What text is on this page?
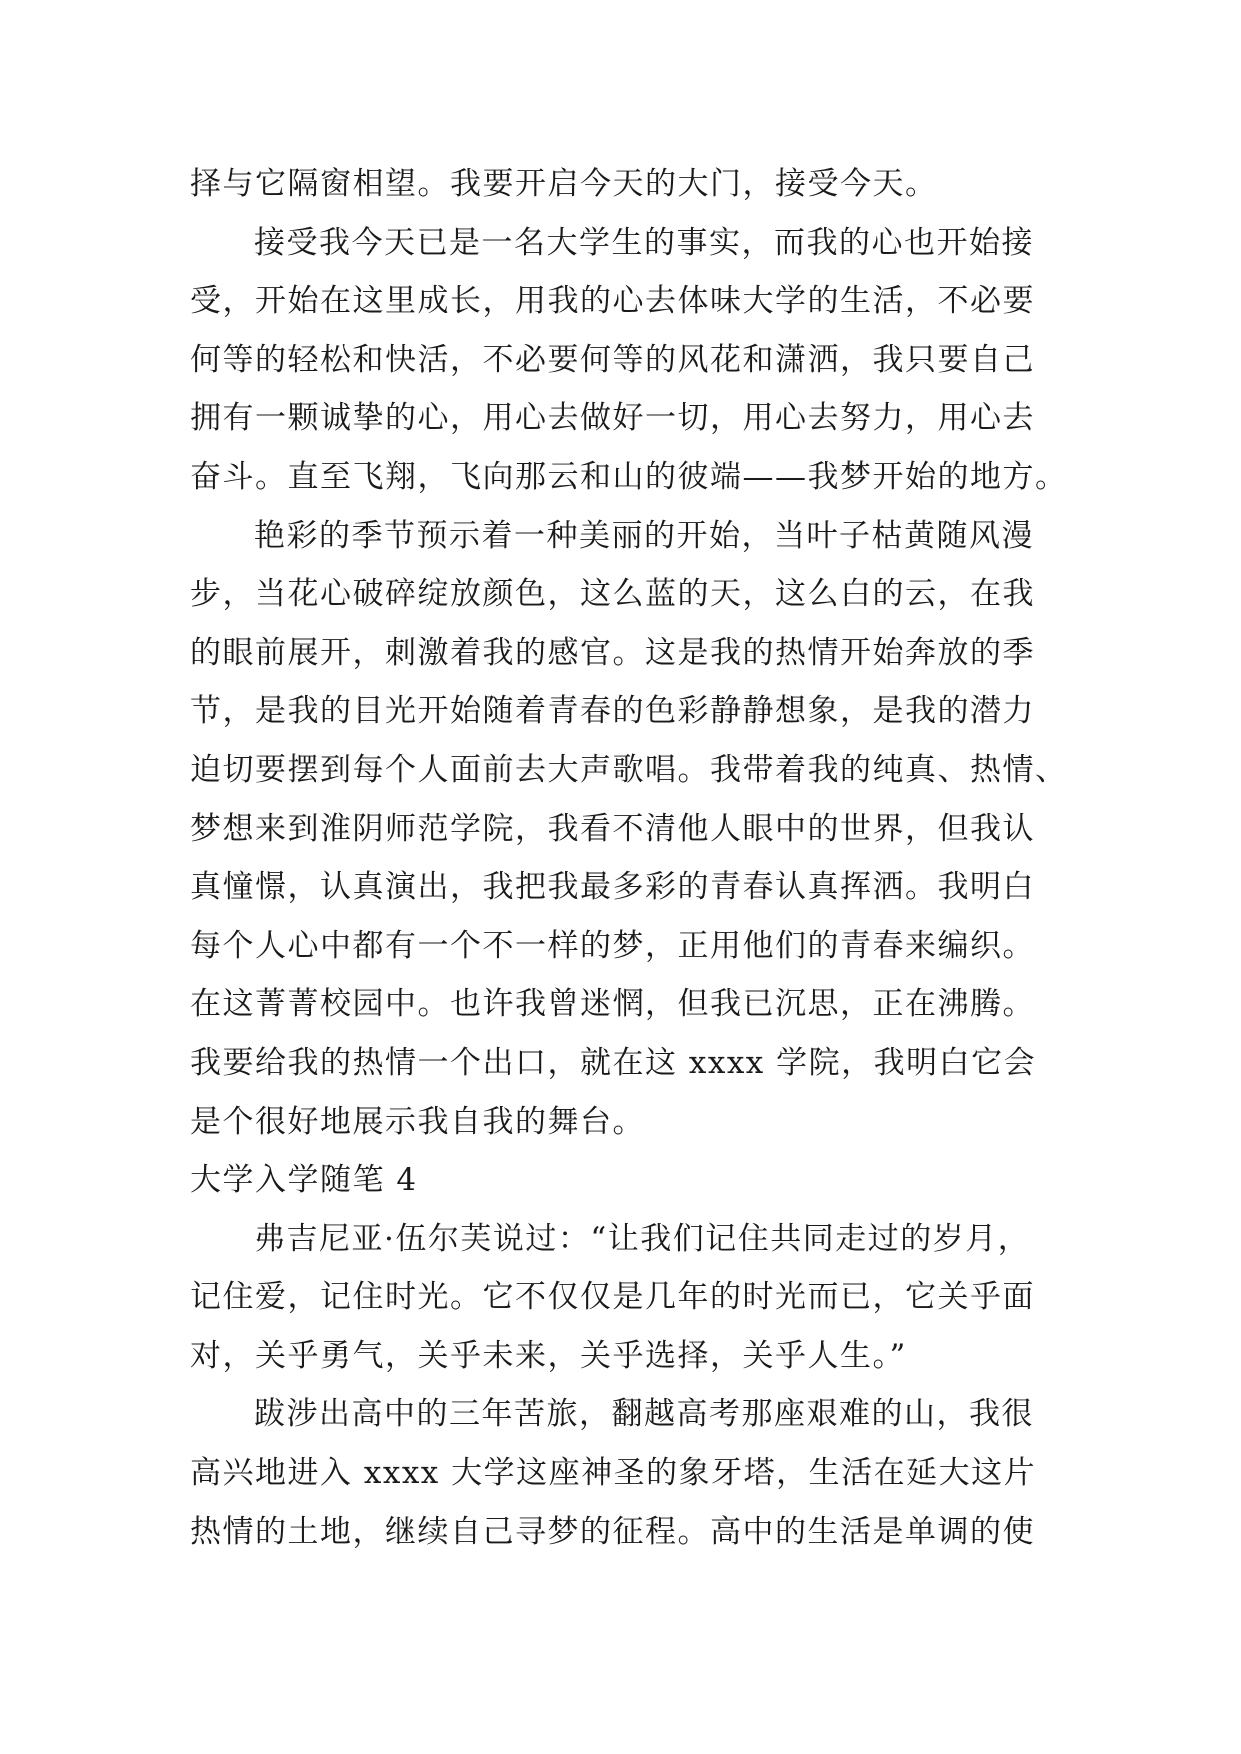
择与它隔窗相望。我要开启今天的大门，接受今天。
接受我今天已是一名大学生的事实，而我的心也开始接
受，开始在这里成长，用我的心去体味大学的生活，不必要
何等的轻松和快活，不必要何等的风花和潇洒，我只要自己
拥有一颗诚挚的心，用心去做好一切，用心去努力，用心去
奋斗。直至飞翔，飞向那云和山的彼端——我梦开始的地方。
艳彩的季节预示着一种美丽的开始，当叶子枯黄随风漫
步，当花心破碎绽放颜色，这么蓝的天，这么白的云，在我
的眼前展开，刺激着我的感官。这是我的热情开始奔放的季
节，是我的目光开始随着青春的色彩静静想象，是我的潜力
迫切要摆到每个人面前去大声歌唱。我带着我的纯真、热情、
梦想来到淮阴师范学院，我看不清他人眼中的世界，但我认
真憧憬，认真演出，我把我最多彩的青春认真挥洒。我明白
每个人心中都有一个不一样的梦，正用他们的青春来编织。
在这菁菁校园中。也许我曾迷惘，但我已沉思，正在沸腾。
我要给我的热情一个出口，就在这 xxxx 学院，我明白它会
是个很好地展示我自我的舞台。
大学入学随笔 4
弗吉尼亚·伍尔芙说过：“让我们记住共同走过的岁月，
记住爱，记住时光。它不仅仅是几年的时光而已，它关乎面
对，关乎勇气，关乎未来，关乎选择，关乎人生。”
跋涉出高中的三年苦旅，翻越高考那座艰难的山，我很
高兴地进入 xxxx 大学这座神圣的象牙塔，生活在延大这片
热情的土地，继续自己寻梦的征程。高中的生活是单调的使
